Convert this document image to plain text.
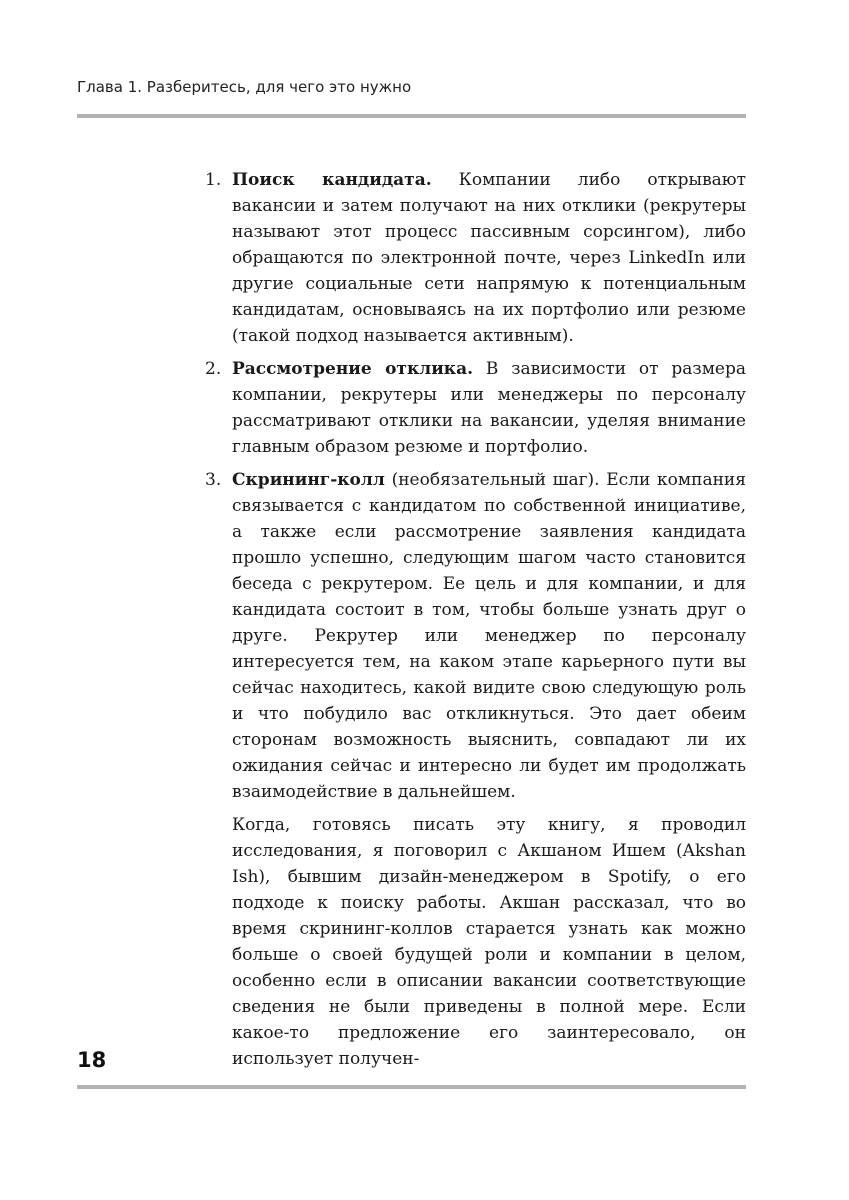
Глава 1. Разберитесь, для чего это нужно
1. Поиск кандидата. Компании либо открывают вакансии и затем получают на них отклики (рекрутеры называют этот процесс пассивным сорсингом), либо обращаются по электронной почте, через LinkedIn или другие социальные сети напрямую к потенциальным кандидатам, основываясь на их портфолио или резюме (такой подход называется активным).

2. Рассмотрение отклика. В зависимости от размера компании, рекрутеры или менеджеры по персоналу рассматривают отклики на вакансии, уделяя внимание главным образом резюме и портфолио.

3. Скрининг-колл (необязательный шаг). Если компания связывается с кандидатом по собственной инициативе, а также если рассмотрение заявления кандидата прошло успешно, следующим шагом часто становится беседа с рекрутером. Ее цель и для компании, и для кандидата состоит в том, чтобы больше узнать друг о друге. Рекрутер или менеджер по персоналу интересуется тем, на каком этапе карьерного пути вы сейчас находитесь, какой видите свою следующую роль и что побудило вас откликнуться. Это дает обеим сторонам возможность выяснить, совпадают ли их ожидания сейчас и интересно ли будет им продолжать взаимодействие в дальнейшем.

Когда, готовясь писать эту книгу, я проводил исследования, я поговорил с Акшаном Ишем (Akshan Ish), бывшим дизайн-менеджером в Spotify, о его подходе к поиску работы. Акшан рассказал, что во время скрининг-коллов старается узнать как можно больше о своей будущей роли и компании в целом, особенно если в описании вакансии соответствующие сведения не были приведены в полной мере. Если какое-то предложение его заинтересовало, он использует получен-

18
